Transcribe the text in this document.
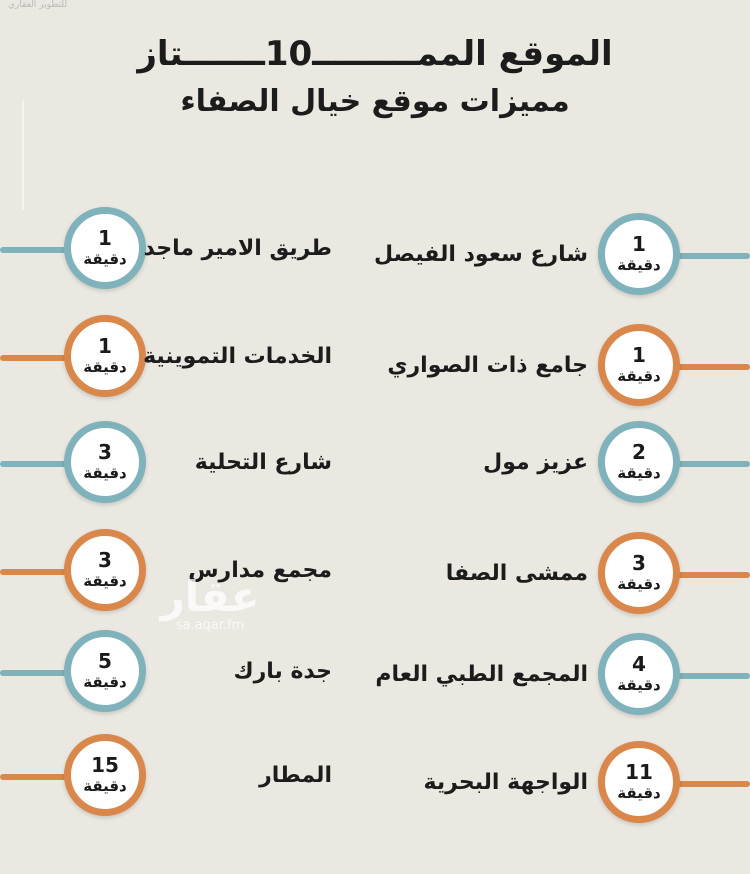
للتطوير العقاري
الموقع الممـــــــــ10ـــــــتاز
مميزات موقع خيال الصفاء
1
دقيقة
شارع سعود الفيصل
1
دقيقة
جامع ذات الصواري
2
دقيقة
عزيز مول
3
دقيقة
ممشى الصفا
4
دقيقة
المجمع الطبي العام
11
دقيقة
الواجهة البحرية
1
دقيقة طريق الامير ماجد
1
دقيقة الخدمات التموينية
3
دقيقة	شارع التحلية
3
دقيقة	مجمع مدارس
5
دقيقة	جدة بارك
15
دقيقة	المطار
عقار
sa.aqar.fm
